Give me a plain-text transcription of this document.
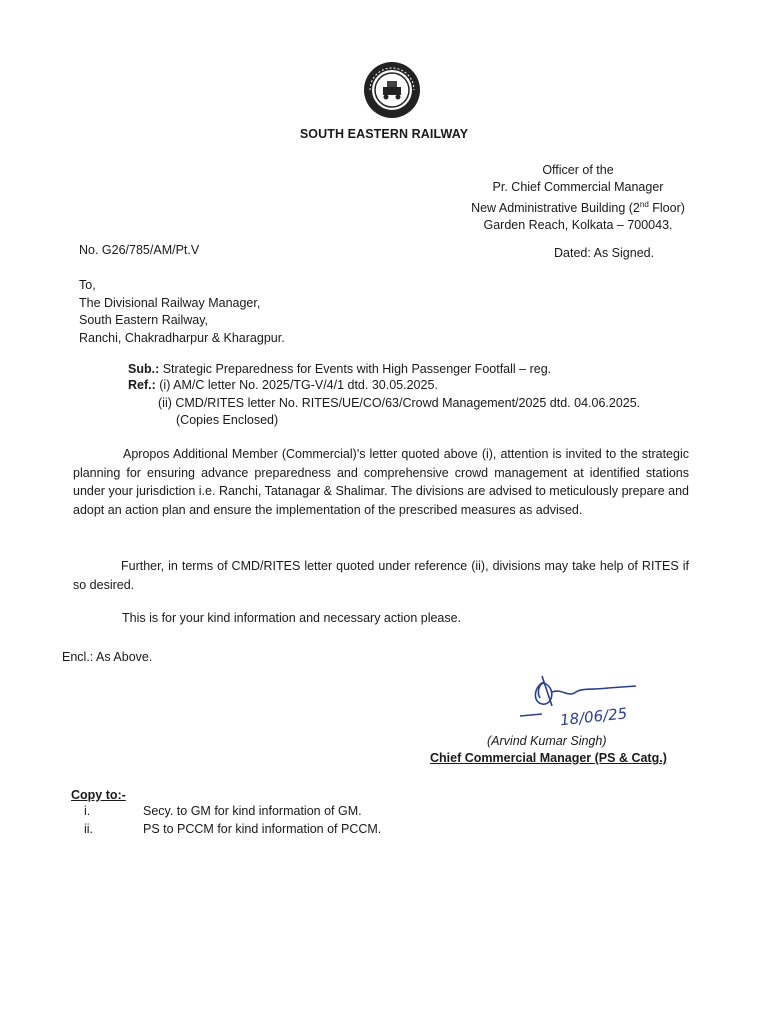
SOUTH EASTERN RAILWAY
Officer of the
Pr. Chief Commercial Manager
New Administrative Building (2nd Floor)
Garden Reach, Kolkata – 700043.
No. G26/785/AM/Pt.V	Dated: As Signed.
To,
The Divisional Railway Manager,
South Eastern Railway,
Ranchi, Chakradharpur & Kharagpur.
Sub.: Strategic Preparedness for Events with High Passenger Footfall – reg.
Ref.: (i) AM/C letter No. 2025/TG-V/4/1 dtd. 30.05.2025.
(ii) CMD/RITES letter No. RITES/UE/CO/63/Crowd Management/2025 dtd. 04.06.2025.
(Copies Enclosed)
Apropos Additional Member (Commercial)'s letter quoted above (i), attention is invited to the strategic planning for ensuring advance preparedness and comprehensive crowd management at identified stations under your jurisdiction i.e. Ranchi, Tatanagar & Shalimar. The divisions are advised to meticulously prepare and adopt an action plan and ensure the implementation of the prescribed measures as advised.
Further, in terms of CMD/RITES letter quoted under reference (ii), divisions may take help of RITES if so desired.
This is for your kind information and necessary action please.
Encl.: As Above.
18/06/25
(Arvind Kumar Singh)
Chief Commercial Manager (PS & Catg.)
Copy to:-
i.	Secy. to GM for kind information of GM.
ii.	PS to PCCM for kind information of PCCM.
